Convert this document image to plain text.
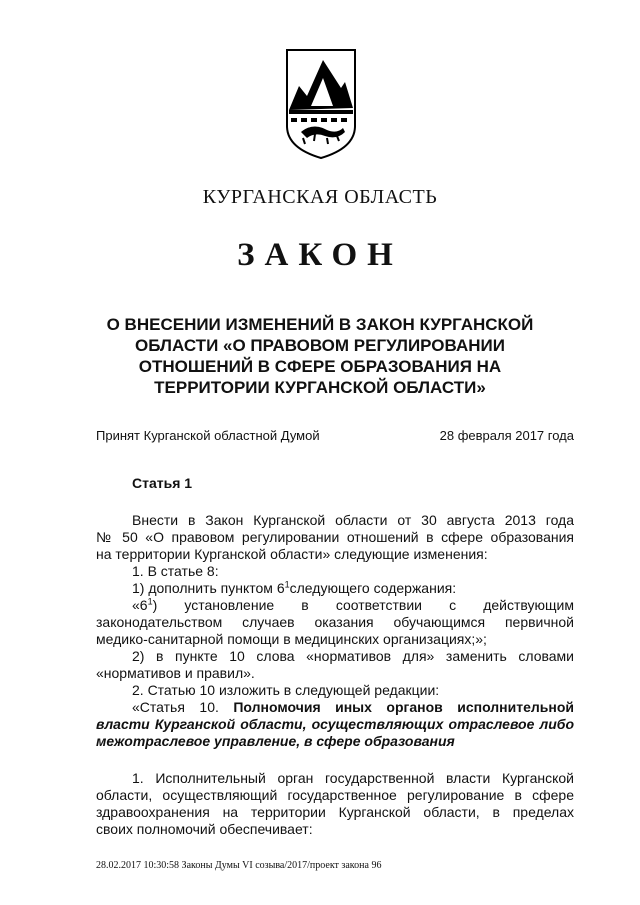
КУРГАНСКАЯ ОБЛАСТЬ
ЗАКОН
О ВНЕСЕНИИ ИЗМЕНЕНИЙ В ЗАКОН КУРГАНСКОЙ
ОБЛАСТИ «О ПРАВОВОМ РЕГУЛИРОВАНИИ
ОТНОШЕНИЙ В СФЕРЕ ОБРАЗОВАНИЯ НА
ТЕРРИТОРИИ КУРГАНСКОЙ ОБЛАСТИ»
Принят Курганской областной Думой	28 февраля 2017 года
Статья 1
Внести в Закон Курганской области от 30 августа 2013 года
№ 50 «О правовом регулировании отношений в сфере образования
на территории Курганской области» следующие изменения:
1. В статье 8:
1) дополнить пунктом $6^1следующего$ содержания:
«$6^1$) установление в соответствии с действующим
законодательством случаев оказания обучающимся первичной
медико-санитарной помощи в медицинских организациях;»;
2) в пункте 10 слова «нормативов для» заменить словами
«нормативов и правил».
2. Статью 10 изложить в следующей редакции:
«Статья 10. Полномочия иных органов исполнительной
власти Курганской области, осуществляющих отраслевое либо
межотраслевое управление, в сфере образования
1. Исполнительный орган государственной власти Курганской
области, осуществляющий государственное регулирование в сфере
здравоохранения на территории Курганской области, в пределах
своих полномочий обеспечивает:
28.02.2017 10:30:58 Законы Думы VI созыва/2017/проект закона 96
